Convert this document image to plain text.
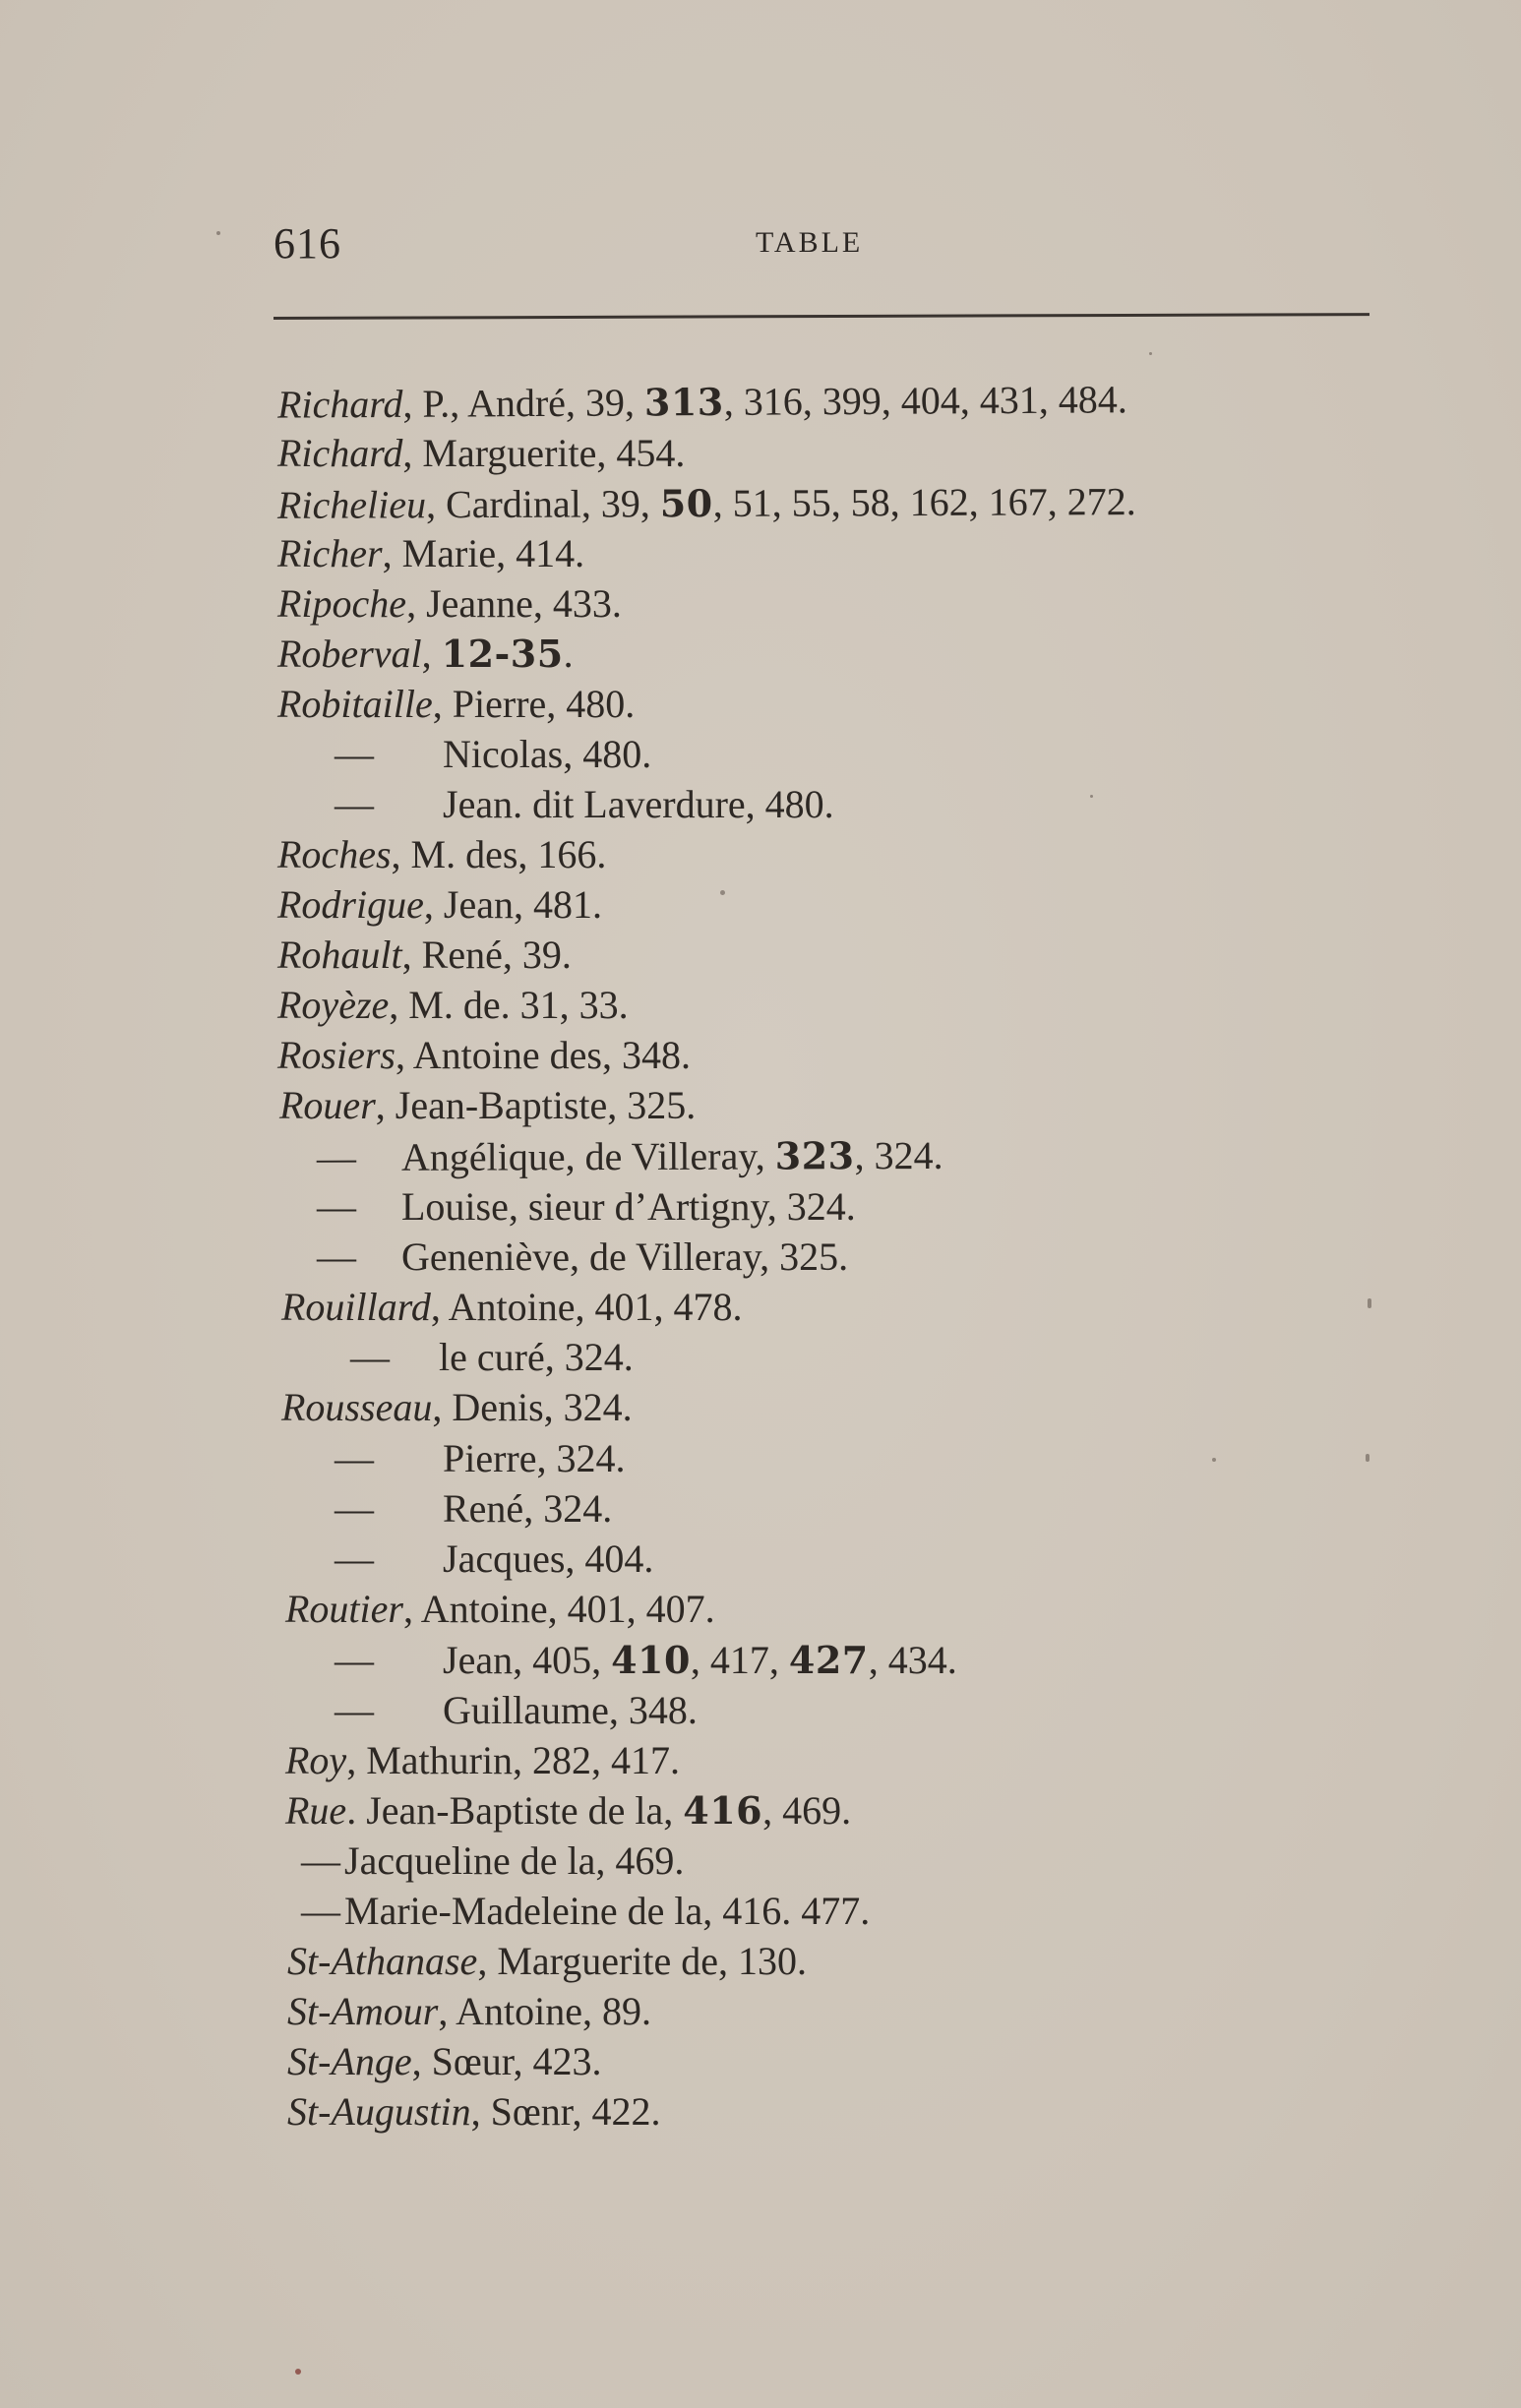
616	TABLE
Richard, P., André, 39, 313, 316, 399, 404, 431, 484.
Richard, Marguerite, 454.
Richelieu, Cardinal, 39, 50, 51, 55, 58, 162, 167, 272.
Richer, Marie, 414.
Ripoche, Jeanne, 433.
Roberval, 12-35.
Robitaille, Pierre, 480.
— Nicolas, 480.
— Jean. dit Laverdure, 480.
Roches, M. des, 166.
Rodrigue, Jean, 481.
Rohault, René, 39.
Royèze, M. de. 31, 33.
Rosiers, Antoine des, 348.
Rouer, Jean-Baptiste, 325.
— Angélique, de Villeray, 323, 324.
— Louise, sieur d’Artigny, 324.
— Geneniève, de Villeray, 325.
Rouillard, Antoine, 401, 478.
— le curé, 324.
Rousseau, Denis, 324.
— Pierre, 324.
— René, 324.
— Jacques, 404.
Routier, Antoine, 401, 407.
— Jean, 405, 410, 417, 427, 434.
— Guillaume, 348.
Roy, Mathurin, 282, 417.
Rue. Jean-Baptiste de la, 416, 469.
— Jacqueline de la, 469.
— Marie-Madeleine de la, 416. 477.
St-Athanase, Marguerite de, 130.
St-Amour, Antoine, 89.
St-Ange, Sœur, 423.
St-Augustin, Sœnr, 422.
